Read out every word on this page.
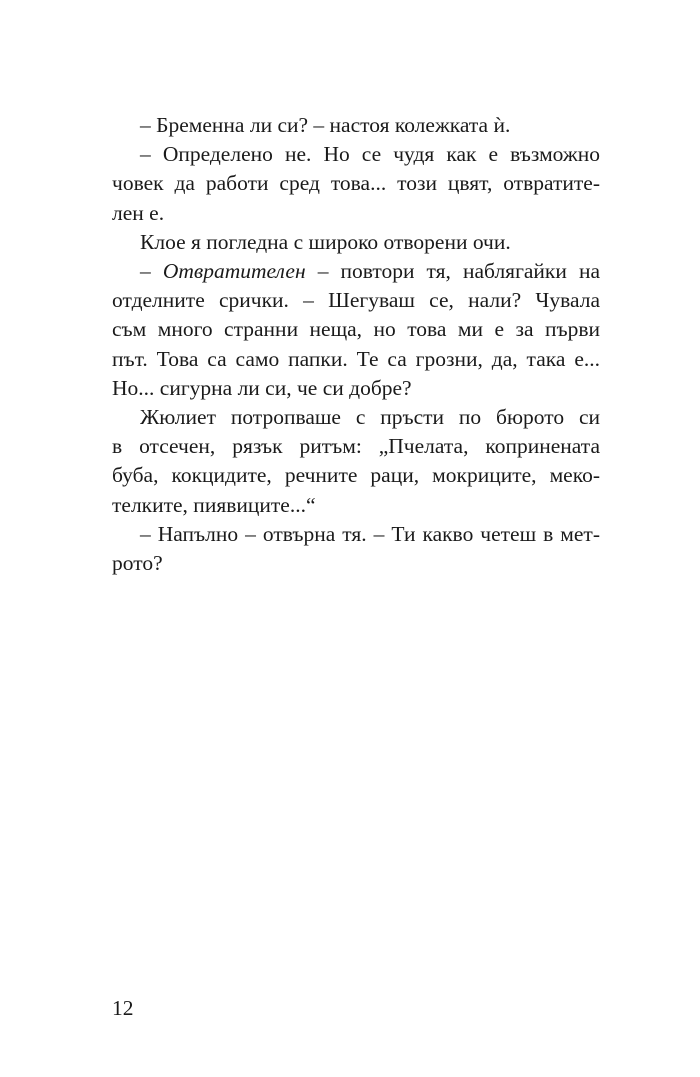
– Бременна ли си? – настоя колежката ѝ.
– Определено не. Но се чудя как е възможно
човек да работи сред това... този цвят, отвратите-
лен е.
Клое я погледна с широко отворени очи.
– Отвратителен – повтори тя, наблягайки на
отделните срички. – Шегуваш се, нали? Чувала
съм много странни неща, но това ми е за първи
път. Това са само папки. Те са грозни, да, така е...
Но... сигурна ли си, че си добре?
Жюлиет потропваше с пръсти по бюрото си
в отсечен, рязък ритъм: „Пчелата, копринената
буба, кокцидите, речните раци, мокриците, меко-
телките, пиявиците...“
– Напълно – отвърна тя. – Ти какво четеш в мет-
рото?
12
